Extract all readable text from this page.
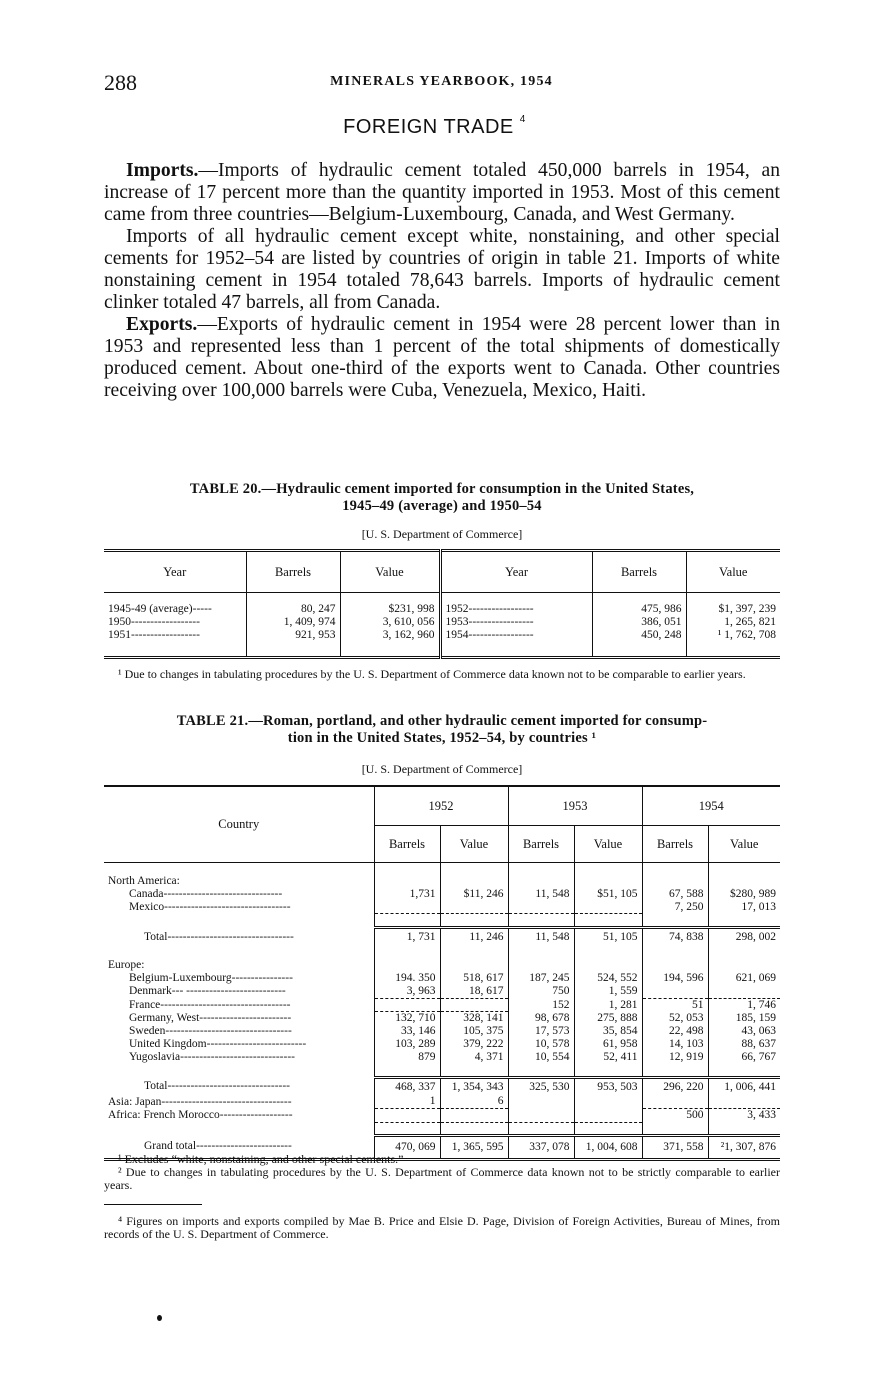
288	MINERALS YEARBOOK, 1954
FOREIGN TRADE $^4$

Imports.—Imports of hydraulic cement totaled 450,000 barrels in 1954, an increase of 17 percent more than the quantity imported in 1953. Most of this cement came from three countries—Belgium-Luxembourg, Canada, and West Germany.

Imports of all hydraulic cement except white, nonstaining, and other special cements for 1952–54 are listed by countries of origin in table 21. Imports of white nonstaining cement in 1954 totaled 78,643 barrels. Imports of hydraulic cement clinker totaled 47 barrels, all from Canada.

Exports.—Exports of hydraulic cement in 1954 were 28 percent lower than in 1953 and represented less than 1 percent of the total shipments of domestically produced cement. About one-third of the exports went to Canada. Other countries receiving over 100,000 barrels were Cuba, Venezuela, Mexico, Haiti.

TABLE 20.—Hydraulic cement imported for consumption in the United States,
1945–49 (average) and 1950–54
[U. S. Department of Commerce]
Year	Barrels	Value	Year	Barrels	Value

1945-49 (average)-----	80, 247	$231, 998	1952-----------------	475, 986	$1, 397, 239
1950------------------	1, 409, 974	3, 610, 056	1953-----------------	386, 051	1, 265, 821
1951------------------	921, 953	3, 162, 960	1954-----------------	450, 248	¹ 1, 762, 708

¹ Due to changes in tabulating procedures by the U. S. Department of Commerce data known not to be comparable to earlier years.

TABLE 21.—Roman, portland, and other hydraulic cement imported for consump-
tion in the United States, 1952–54, by countries ¹
[U. S. Department of Commerce]
Country	1952		1953		1954	
	Barrels	Value	Barrels	Value	Barrels	Value

North America:						
Canada-------------------------------	1,731	$11, 246	11, 548	$51, 105	67, 588	$280, 989
Mexico---------------------------------					7, 250	17, 013

Total---------------------------------	1, 731	11, 246	11, 548	51, 105	74, 838	298, 002

Europe:						
Belgium-Luxembourg----------------	194. 350	518, 617	187, 245	524, 552	194, 596	621, 069
Denmark--- --------------------------	3, 963	18, 617	750	1, 559		
France----------------------------------			152	1, 281	51	1, 746
Germany, West------------------------	132, 710	328, 141	98, 678	275, 888	52, 053	185, 159
Sweden---------------------------------	33, 146	105, 375	17, 573	35, 854	22, 498	43, 063
United Kingdom--------------------------	103, 289	379, 222	10, 578	61, 958	14, 103	88, 637
Yugoslavia------------------------------	879	4, 371	10, 554	52, 411	12, 919	66, 767

Total--------------------------------	468, 337	1, 354, 343	325, 530	953, 503	296, 220	1, 006, 441
Asia: Japan----------------------------------	1	6				
Africa: French Morocco-------------------					500	3, 433

Grand total-------------------------	470, 069	1, 365, 595	337, 078	1, 004, 608	371, 558	²1, 307, 876

¹ Excludes “white, nonstaining, and other special cements.”

² Due to changes in tabulating procedures by the U. S. Department of Commerce data known not to be strictly comparable to earlier years.

⁴ Figures on imports and exports compiled by Mae B. Price and Elsie D. Page, Division of Foreign Activities, Bureau of Mines, from records of the U. S. Department of Commerce.
